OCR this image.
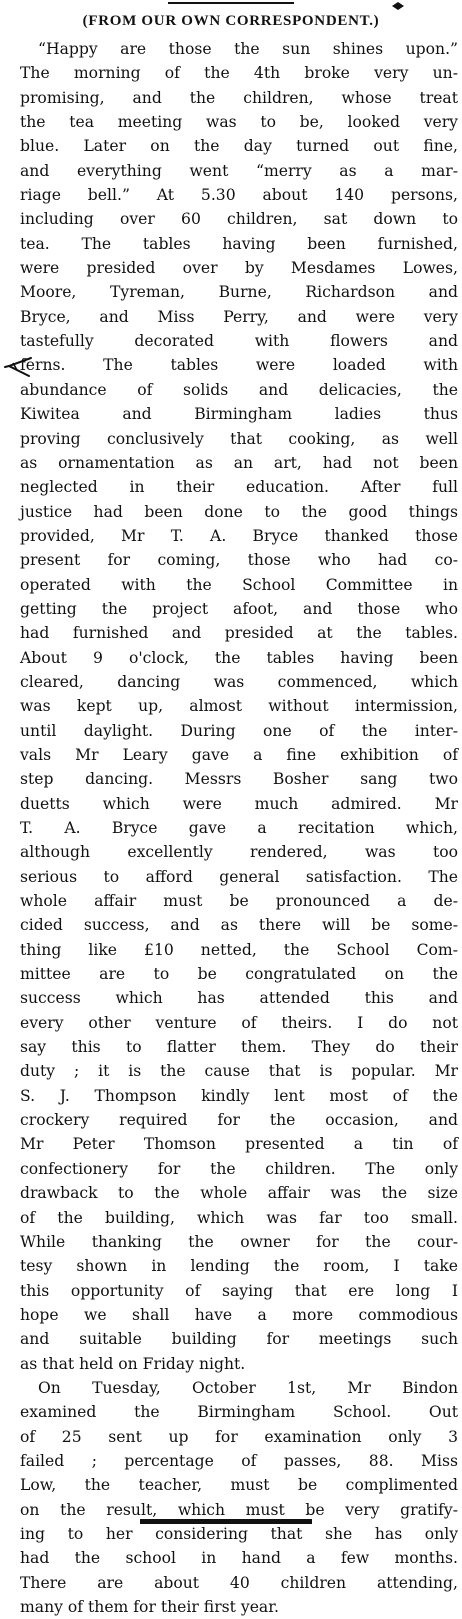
(FROM OUR OWN CORRESPONDENT.)
“Happy are those the sun shines upon.”
The morning of the 4th broke very un-
promising, and the children, whose treat
the tea meeting was to be, looked very
blue. Later on the day turned out fine,
and everything went “merry as a mar-
riage bell.” At 5.30 about 140 persons,
including over 60 children, sat down to
tea. The tables having been furnished,
were presided over by Mesdames Lowes,
Moore, Tyreman, Burne, Richardson and
Bryce, and Miss Perry, and were very
tastefully decorated with flowers and
ferns. The tables were loaded with
abundance of solids and delicacies, the
Kiwitea and Birmingham ladies thus
proving conclusively that cooking, as well
as ornamentation as an art, had not been
neglected in their education. After full
justice had been done to the good things
provided, Mr T. A. Bryce thanked those
present for coming, those who had co-
operated with the School Committee in
getting the project afoot, and those who
had furnished and presided at the tables.
About 9 o'clock, the tables having been
cleared, dancing was commenced, which
was kept up, almost without intermission,
until daylight. During one of the inter-
vals Mr Leary gave a fine exhibition of
step dancing. Messrs Bosher sang two
duetts which were much admired. Mr
T. A. Bryce gave a recitation which,
although excellently rendered, was too
serious to afford general satisfaction. The
whole affair must be pronounced a de-
cided success, and as there will be some-
thing like £10 netted, the School Com-
mittee are to be congratulated on the
success which has attended this and
every other venture of theirs. I do not
say this to flatter them. They do their
duty ; it is the cause that is popular. Mr
S. J. Thompson kindly lent most of the
crockery required for the occasion, and
Mr Peter Thomson presented a tin of
confectionery for the children. The only
drawback to the whole affair was the size
of the building, which was far too small.
While thanking the owner for the cour-
tesy shown in lending the room, I take
this opportunity of saying that ere long I
hope we shall have a more commodious
and suitable building for meetings such
as that held on Friday night.
On Tuesday, October 1st, Mr Bindon
examined the Birmingham School. Out
of 25 sent up for examination only 3
failed ; percentage of passes, 88. Miss
Low, the teacher, must be complimented
on the result, which must be very gratify-
ing to her considering that she has only
had the school in hand a few months.
There are about 40 children attending,
many of them for their first year.
